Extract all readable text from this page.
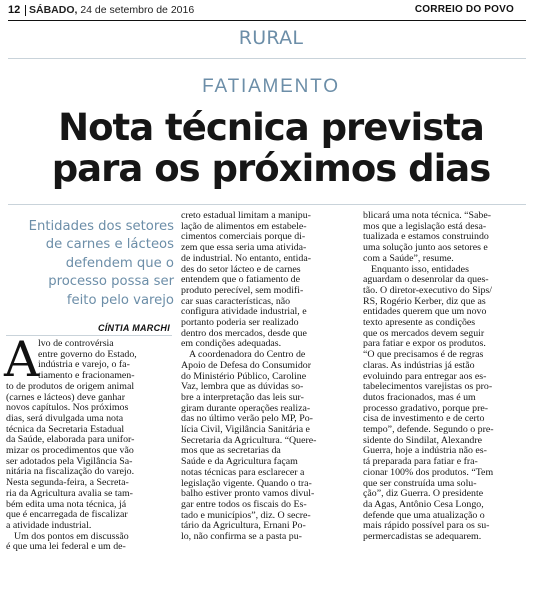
12 SÁBADO, 24 de setembro de 2016	CORREIO DO POVO
RURAL
FATIAMENTO
Nota técnica prevista
para os próximos dias
Entidades dos setores
de carnes e lácteos
defendem que o
processo possa ser
feito pelo varejo
CÍNTIA MARCHI
A
lvo de controvérsia
entre governo do Estado,
indústria e varejo, o fa-
tiamento e fracionamen-
to de produtos de origem animal
(carnes e lácteos) deve ganhar
novos capítulos. Nos próximos
dias, será divulgada uma nota
técnica da Secretaria Estadual
da Saúde, elaborada para unifor-
mizar os procedimentos que vão
ser adotados pela Vigilância Sa-
nitária na fiscalização do varejo.
Nesta segunda-feira, a Secreta-
ria da Agricultura avalia se tam-
bém edita uma nota técnica, já
que é encarregada de fiscalizar
a atividade industrial.
Um dos pontos em discussão
é que uma lei federal e um de-
creto estadual limitam a manipu-
lação de alimentos em estabele-
cimentos comerciais porque di-
zem que essa seria uma ativida-
de industrial. No entanto, entida-
des do setor lácteo e de carnes
entendem que o fatiamento de
produto perecível, sem modifi-
car suas características, não
configura atividade industrial, e
portanto poderia ser realizado
dentro dos mercados, desde que
em condições adequadas.
A coordenadora do Centro de
Apoio de Defesa do Consumidor
do Ministério Público, Caroline
Vaz, lembra que as dúvidas so-
bre a interpretação das leis sur-
giram durante operações realiza-
das no último verão pelo MP, Po-
lícia Civil, Vigilância Sanitária e
Secretaria da Agricultura. “Quere-
mos que as secretarias da
Saúde e da Agricultura façam
notas técnicas para esclarecer a
legislação vigente. Quando o tra-
balho estiver pronto vamos divul-
gar entre todos os fiscais do Es-
tado e municípios”, diz. O secre-
tário da Agricultura, Ernani Po-
lo, não confirma se a pasta pu-
blicará uma nota técnica. “Sabe-
mos que a legislação está desa-
tualizada e estamos construindo
uma solução junto aos setores e
com a Saúde”, resume.
Enquanto isso, entidades
aguardam o desenrolar da ques-
tão. O diretor-executivo do Sips/
RS, Rogério Kerber, diz que as
entidades querem que um novo
texto apresente as condições
que os mercados devem seguir
para fatiar e expor os produtos.
“O que precisamos é de regras
claras. As indústrias já estão
evoluindo para entregar aos es-
tabelecimentos varejistas os pro-
dutos fracionados, mas é um
processo gradativo, porque pre-
cisa de investimento e de certo
tempo”, defende. Segundo o pre-
sidente do Sindilat, Alexandre
Guerra, hoje a indústria não es-
tá preparada para fatiar e fra-
cionar 100% dos produtos. “Tem
que ser construída uma solu-
ção”, diz Guerra. O presidente
da Agas, Antônio Cesa Longo,
defende que uma atualização o
mais rápido possível para os su-
permercadistas se adequarem.
